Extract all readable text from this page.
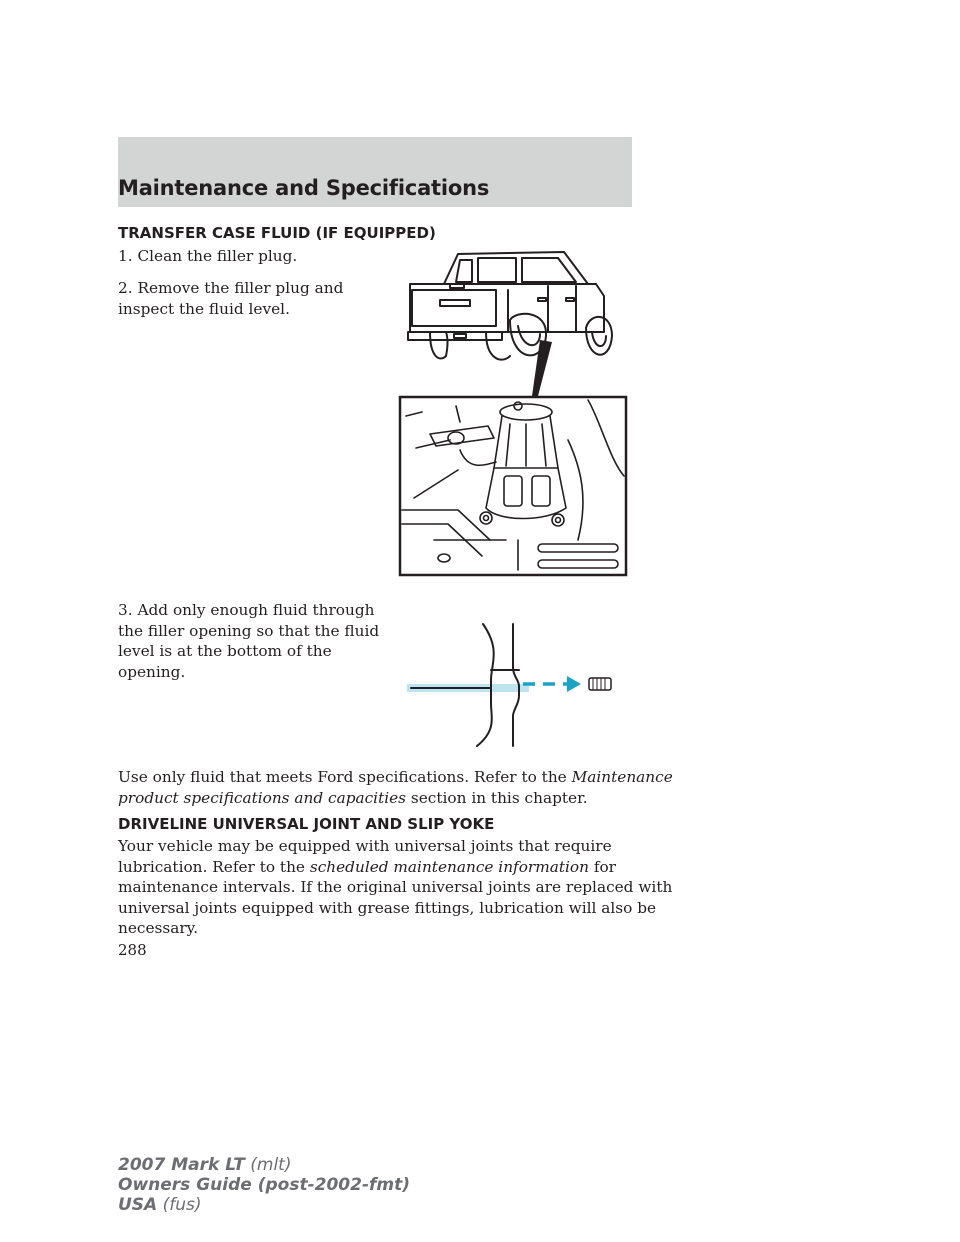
Maintenance and Specifications
TRANSFER CASE FLUID (IF EQUIPPED)
1. Clean the filler plug.
2. Remove the filler plug and
inspect the fluid level.
3. Add only enough fluid through
the filler opening so that the fluid
level is at the bottom of the
opening.
Use only fluid that meets Ford specifications. Refer to the Maintenance
product specifications and capacities section in this chapter.
DRIVELINE UNIVERSAL JOINT AND SLIP YOKE
Your vehicle may be equipped with universal joints that require
lubrication. Refer to the scheduled maintenance information for
maintenance intervals. If the original universal joints are replaced with
universal joints equipped with grease fittings, lubrication will also be
necessary.
288
2007 Mark LT (mlt)
Owners Guide (post-2002-fmt)
USA (fus)
